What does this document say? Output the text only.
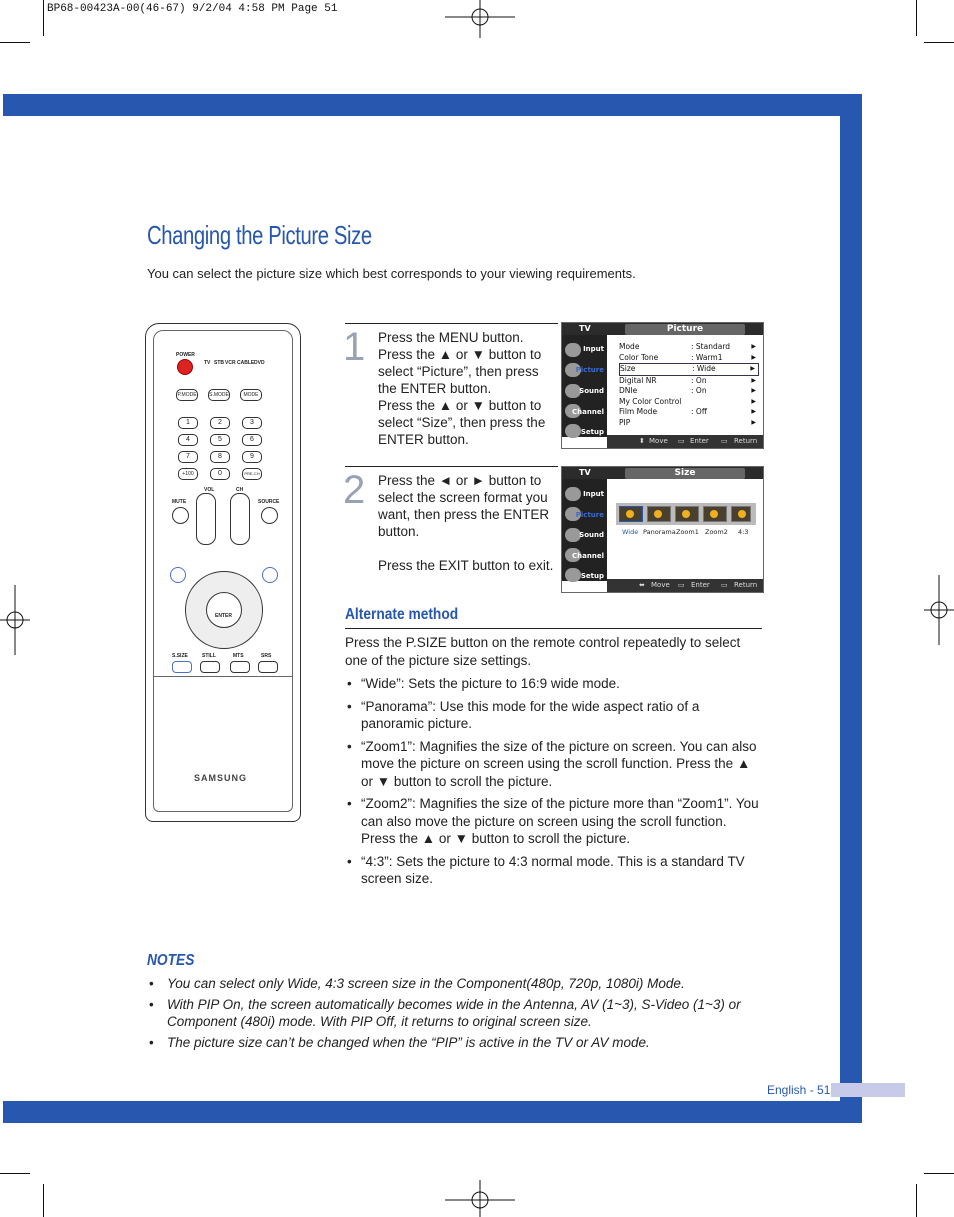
BP68-00423A-00(46-67) 9/2/04 4:58 PM Page 51
Changing the Picture Size
You can select the picture size which best corresponds to your viewing requirements.
POWER
TV STB VCR CABLE DVD
P.MODE	S.MODE	MODE
1	2	3
4	5	6
7	8	9
+100	0	PRE-CH
MUTE
VOL	CH
SOURCE
ENTER
S.SIZE	STILL	MTS	SRS
SAMSUNG
1 Press the MENU button. Press the ▲ or ▼ button to select “Picture”, then press the ENTER button.

Press the ▲ or ▼ button to select “Size”, then press the ENTER button.

TV	Picture
Input
Picture
Sound
Channel
Setup
Mode	: Standard	▶
Color Tone	: Warm1	▶
Size	: Wide	▶
Digital NR	: On	▶
DNIe	: On	▶
My Color Control	▶
Film Mode	: Off	▶
PIP	▶
⬍ Move ▭ Enter ▭ Return
2 Press the ◄ or ► button to select the screen format you want, then press the ENTER button.

Press the EXIT button to exit.

TV	Size
Input
Picture
Sound
Channel
Setup
Wide Panorama Zoom1 Zoom2 4:3
⬌ Move ▭ Enter ▭ Return
Alternate method

Press the P.SIZE button on the remote control repeatedly to select one of the picture size settings.

• “Wide”: Sets the picture to 16:9 wide mode.
• “Panorama”: Use this mode for the wide aspect ratio of a panoramic picture.
• “Zoom1”: Magnifies the size of the picture on screen. You can also move the picture on screen using the scroll function. Press the ▲ or ▼ button to scroll the picture.
• “Zoom2”: Magnifies the size of the picture more than “Zoom1”. You can also move the picture on screen using the scroll function. Press the ▲ or ▼ button to scroll the picture.
• “4:3”: Sets the picture to 4:3 normal mode. This is a standard TV screen size.
NOTES
• You can select only Wide, 4:3 screen size in the Component(480p, 720p, 1080i) Mode.
• With PIP On, the screen automatically becomes wide in the Antenna, AV (1~3), S-Video (1~3) or Component (480i) mode. With PIP Off, it returns to original screen size.
• The picture size can’t be changed when the “PIP” is active in the TV or AV mode.
English - 51
